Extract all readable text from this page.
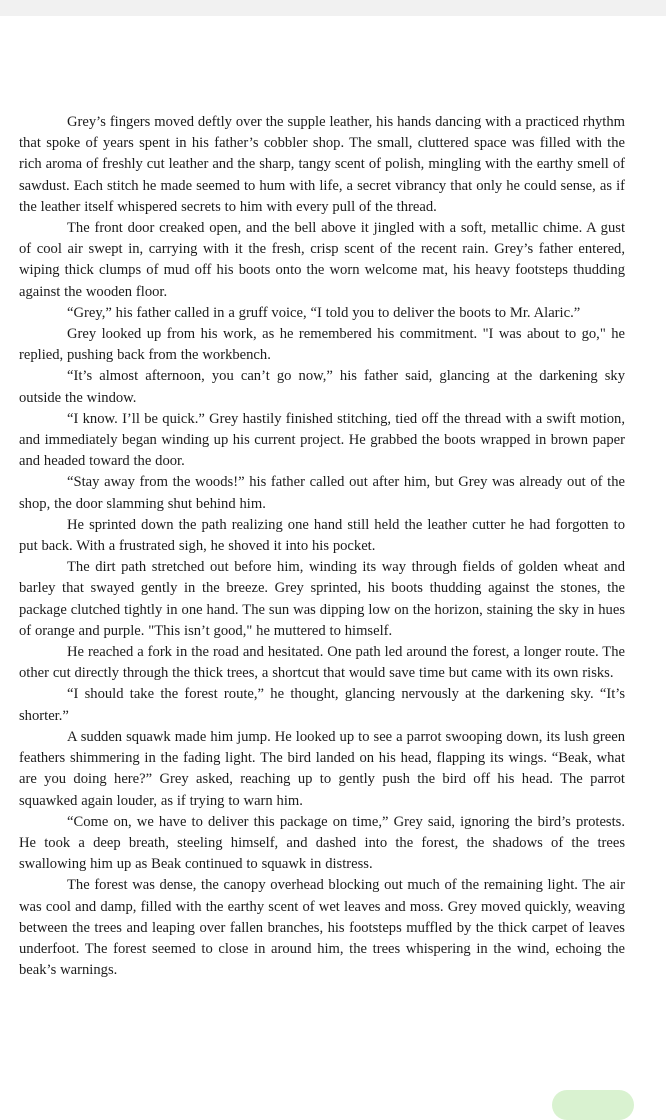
Grey’s fingers moved deftly over the supple leather, his hands dancing with a practiced rhythm that spoke of years spent in his father’s cobbler shop. The small, cluttered space was filled with the rich aroma of freshly cut leather and the sharp, tangy scent of polish, mingling with the earthy smell of sawdust. Each stitch he made seemed to hum with life, a secret vibrancy that only he could sense, as if the leather itself whispered secrets to him with every pull of the thread.

The front door creaked open, and the bell above it jingled with a soft, metallic chime. A gust of cool air swept in, carrying with it the fresh, crisp scent of the recent rain. Grey’s father entered, wiping thick clumps of mud off his boots onto the worn welcome mat, his heavy footsteps thudding against the wooden floor.

“Grey,” his father called in a gruff voice, “I told you to deliver the boots to Mr. Alaric.”

Grey looked up from his work, as he remembered his commitment. "I was about to go," he replied, pushing back from the workbench.

“It’s almost afternoon, you can’t go now,” his father said, glancing at the darkening sky outside the window.

“I know. I’ll be quick.” Grey hastily finished stitching, tied off the thread with a swift motion, and immediately began winding up his current project. He grabbed the boots wrapped in brown paper and headed toward the door.

“Stay away from the woods!” his father called out after him, but Grey was already out of the shop, the door slamming shut behind him.

He sprinted down the path realizing one hand still held the leather cutter he had forgotten to put back. With a frustrated sigh, he shoved it into his pocket.

The dirt path stretched out before him, winding its way through fields of golden wheat and barley that swayed gently in the breeze. Grey sprinted, his boots thudding against the stones, the package clutched tightly in one hand. The sun was dipping low on the horizon, staining the sky in hues of orange and purple. "This isn’t good," he muttered to himself.

He reached a fork in the road and hesitated. One path led around the forest, a longer route. The other cut directly through the thick trees, a shortcut that would save time but came with its own risks.

“I should take the forest route,” he thought, glancing nervously at the darkening sky. “It’s shorter.”

A sudden squawk made him jump. He looked up to see a parrot swooping down, its lush green feathers shimmering in the fading light. The bird landed on his head, flapping its wings. “Beak, what are you doing here?” Grey asked, reaching up to gently push the bird off his head. The parrot squawked again louder, as if trying to warn him.

“Come on, we have to deliver this package on time,” Grey said, ignoring the bird’s protests. He took a deep breath, steeling himself, and dashed into the forest, the shadows of the trees swallowing him up as Beak continued to squawk in distress.

The forest was dense, the canopy overhead blocking out much of the remaining light. The air was cool and damp, filled with the earthy scent of wet leaves and moss. Grey moved quickly, weaving between the trees and leaping over fallen branches, his footsteps muffled by the thick carpet of leaves underfoot. The forest seemed to close in around him, the trees whispering in the wind, echoing the beak’s warnings.
